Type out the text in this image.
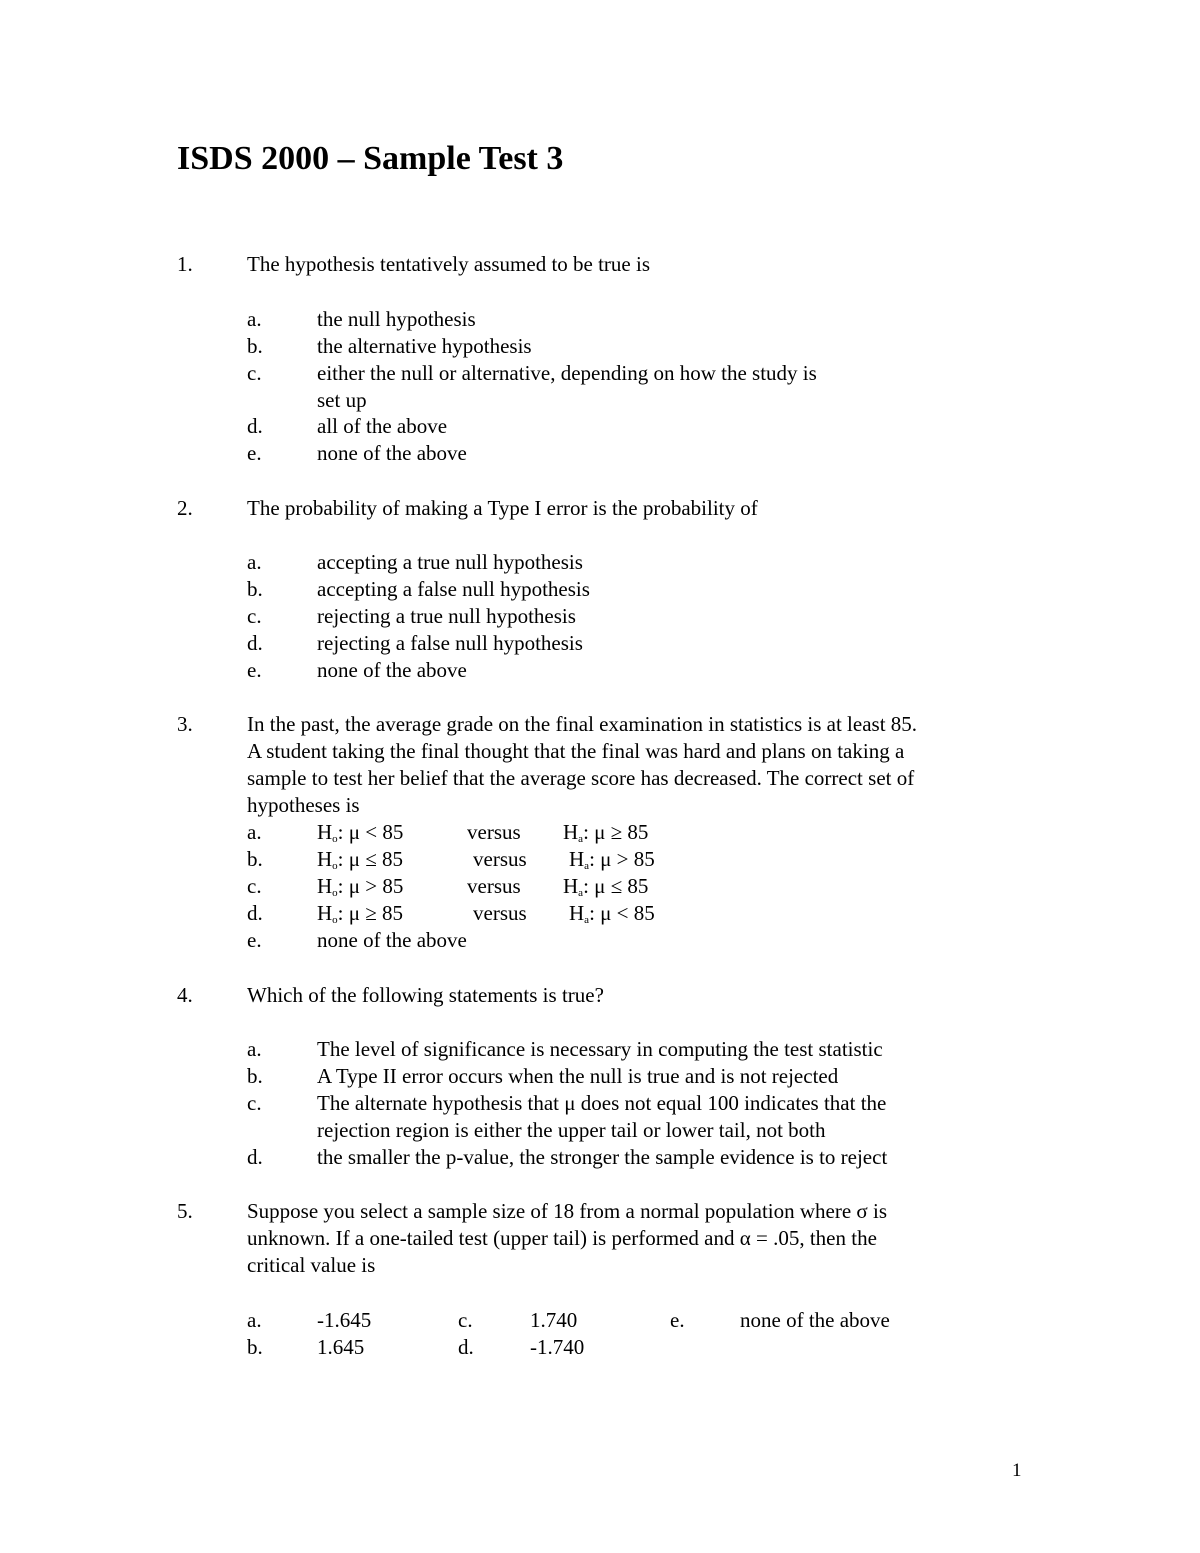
ISDS 2000 – Sample Test 3
1.	The hypothesis tentatively assumed to be true is
a.	the null hypothesis
b.	the alternative hypothesis
c.	either the null or alternative, depending on how the study is
set up
d.	all of the above
e.	none of the above
2.	The probability of making a Type I error is the probability of
a.	accepting a true null hypothesis
b.	accepting a false null hypothesis
c.	rejecting a true null hypothesis
d.	rejecting a false null hypothesis
e.	none of the above
3.	In the past, the average grade on the final examination in statistics is at least 85.
A student taking the final thought that the final was hard and plans on taking a
sample to test her belief that the average score has decreased. The correct set of
hypotheses is
a.	$H_o$: μ < 85	versus $H_a$: μ ≥ 85
b.	$H_o$: μ ≤ 85	versus $H_a$: μ > 85
c.	$H_o$: μ > 85	versus $H_a$: μ ≤ 85
d.	$H_o$: μ ≥ 85	versus $H_a$: μ < 85
e.	none of the above
4.	Which of the following statements is true?
a.	The level of significance is necessary in computing the test statistic
b.	A Type II error occurs when the null is true and is not rejected
c.	The alternate hypothesis that μ does not equal 100 indicates that the
rejection region is either the upper tail or lower tail, not both
d.	the smaller the p-value, the stronger the sample evidence is to reject
5.	Suppose you select a sample size of 18 from a normal population where σ is
unknown. If a one-tailed test (upper tail) is performed and α = .05, then the
critical value is
a.	-1.645	c.	1.740	e.	none of the above
b.	1.645	d.	-1.740
1
